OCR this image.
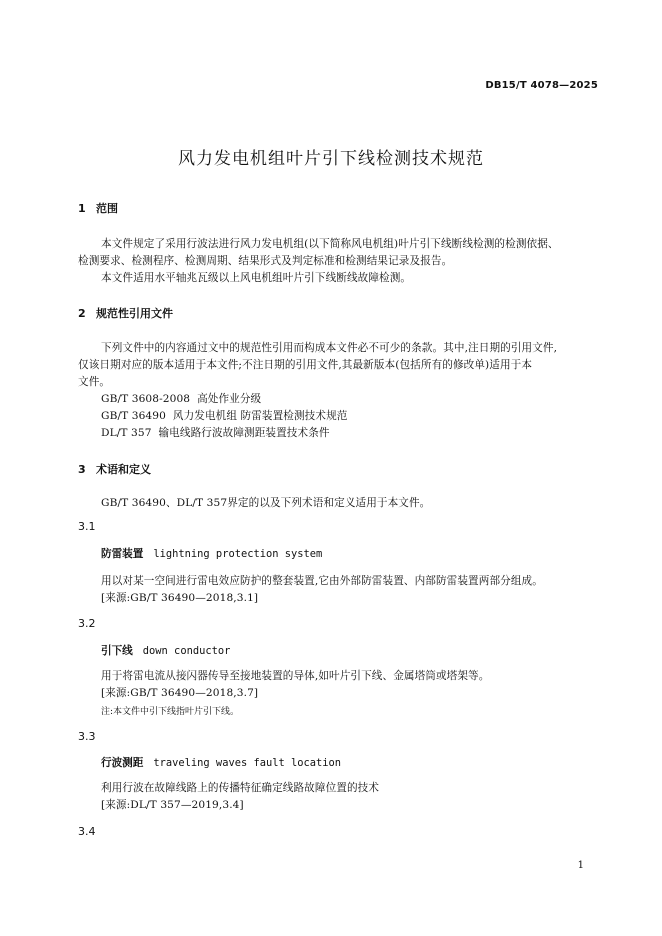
DB15/T 4078—2025
风力发电机组叶片引下线检测技术规范
1 范围
本文件规定了采用行波法进行风力发电机组(以下简称风电机组)叶片引下线断线检测的检测依据、
检测要求、检测程序、检测周期、结果形式及判定标准和检测结果记录及报告。
本文件适用水平轴兆瓦级以上风电机组叶片引下线断线故障检测。
2 规范性引用文件
下列文件中的内容通过文中的规范性引用而构成本文件必不可少的条款。其中,注日期的引用文件,
仅该日期对应的版本适用于本文件;不注日期的引用文件,其最新版本(包括所有的修改单)适用于本
文件。
GB/T 3608-2008  高处作业分级
GB/T 36490  风力发电机组 防雷装置检测技术规范
DL/T 357  输电线路行波故障测距装置技术条件
3 术语和定义
GB/T 36490、DL/T 357界定的以及下列术语和定义适用于本文件。
3.1
防雷装置 lightning protection system
用以对某一空间进行雷电效应防护的整套装置,它由外部防雷装置、内部防雷装置两部分组成。
[来源:GB/T 36490—2018,3.1]
3.2
引下线 down conductor
用于将雷电流从接闪器传导至接地装置的导体,如叶片引下线、金属塔筒或塔架等。
[来源:GB/T 36490—2018,3.7]
注:本文件中引下线指叶片引下线。
3.3
行波测距 traveling waves fault location
利用行波在故障线路上的传播特征确定线路故障位置的技术
[来源:DL/T 357—2019,3.4]
3.4
1
